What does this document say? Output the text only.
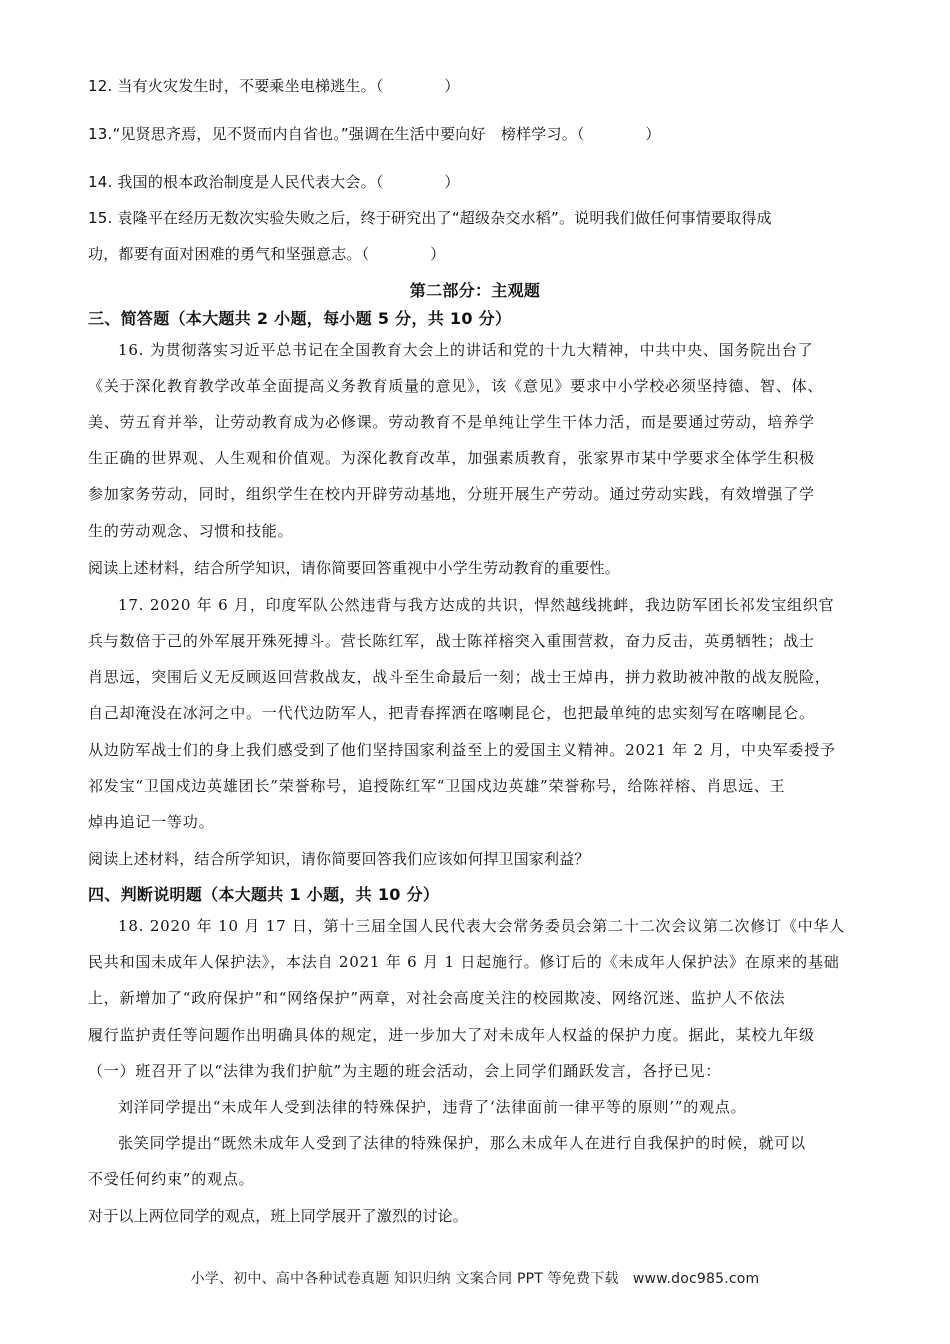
12. 当有火灾发生时，不要乘坐电梯逃生。（　　　　）
13.“见贤思齐焉，见不贤而内自省也。”强调在生活中要向好　榜样学习。（　　　　）
14. 我国的根本政治制度是人民代表大会。（　　　　）
15. 袁隆平在经历无数次实验失败之后，终于研究出了“超级杂交水稻”。说明我们做任何事情要取得成
功，都要有面对困难的勇气和坚强意志。（　　　　）
第二部分：主观题
三、简答题（本大题共 2 小题，每小题 5 分，共 10 分）
16. 为贯彻落实习近平总书记在全国教育大会上的讲话和党的十九大精神，中共中央、国务院出台了
《关于深化教育教学改革全面提高义务教育质量的意见》，该《意见》要求中小学校必须坚持德、智、体、
美、劳五育并举，让劳动教育成为必修课。劳动教育不是单纯让学生干体力活，而是要通过劳动，培养学
生正确的世界观、人生观和价值观。为深化教育改革，加强素质教育，张家界市某中学要求全体学生积极
参加家务劳动，同时，组织学生在校内开辟劳动基地，分班开展生产劳动。通过劳动实践，有效增强了学
生的劳动观念、习惯和技能。
阅读上述材料，结合所学知识，请你简要回答重视中小学生劳动教育的重要性。
17. 2020 年 6 月，印度军队公然违背与我方达成的共识，悍然越线挑衅，我边防军团长祁发宝组织官
兵与数倍于己的外军展开殊死搏斗。营长陈红军，战士陈祥榕突入重围营救，奋力反击，英勇牺牲；战士
肖思远，突围后义无反顾返回营救战友，战斗至生命最后一刻；战士王焯冉，拼力救助被冲散的战友脱险，
自己却淹没在冰河之中。一代代边防军人，把青春挥洒在喀喇昆仑，也把最单纯的忠实刻写在喀喇昆仑。
从边防军战士们的身上我们感受到了他们坚持国家利益至上的爱国主义精神。2021 年 2 月，中央军委授予
祁发宝“卫国戍边英雄团长”荣誉称号，追授陈红军“卫国戍边英雄”荣誉称号，给陈祥榕、肖思远、王
焯冉追记一等功。
阅读上述材料，结合所学知识，请你简要回答我们应该如何捍卫国家利益？
四、判断说明题（本大题共 1 小题，共 10 分）
18. 2020 年 10 月 17 日，第十三届全国人民代表大会常务委员会第二十二次会议第二次修订《中华人
民共和国未成年人保护法》，本法自 2021 年 6 月 1 日起施行。修订后的《未成年人保护法》在原来的基础
上，新增加了“政府保护”和“网络保护”两章，对社会高度关注的校园欺凌、网络沉迷、监护人不依法
履行监护责任等问题作出明确具体的规定，进一步加大了对未成年人权益的保护力度。据此，某校九年级
（一）班召开了以“法律为我们护航”为主题的班会活动，会上同学们踊跃发言，各抒已见：
刘洋同学提出“未成年人受到法律的特殊保护，违背了‘法律面前一律平等的原则’”的观点。
张笑同学提出“既然未成年人受到了法律的特殊保护，那么未成年人在进行自我保护的时候，就可以
不受任何约束”的观点。
对于以上两位同学的观点，班上同学展开了激烈的讨论。
小学、初中、高中各种试卷真题 知识归纳 文案合同 PPT 等免费下载　www.doc985.com
